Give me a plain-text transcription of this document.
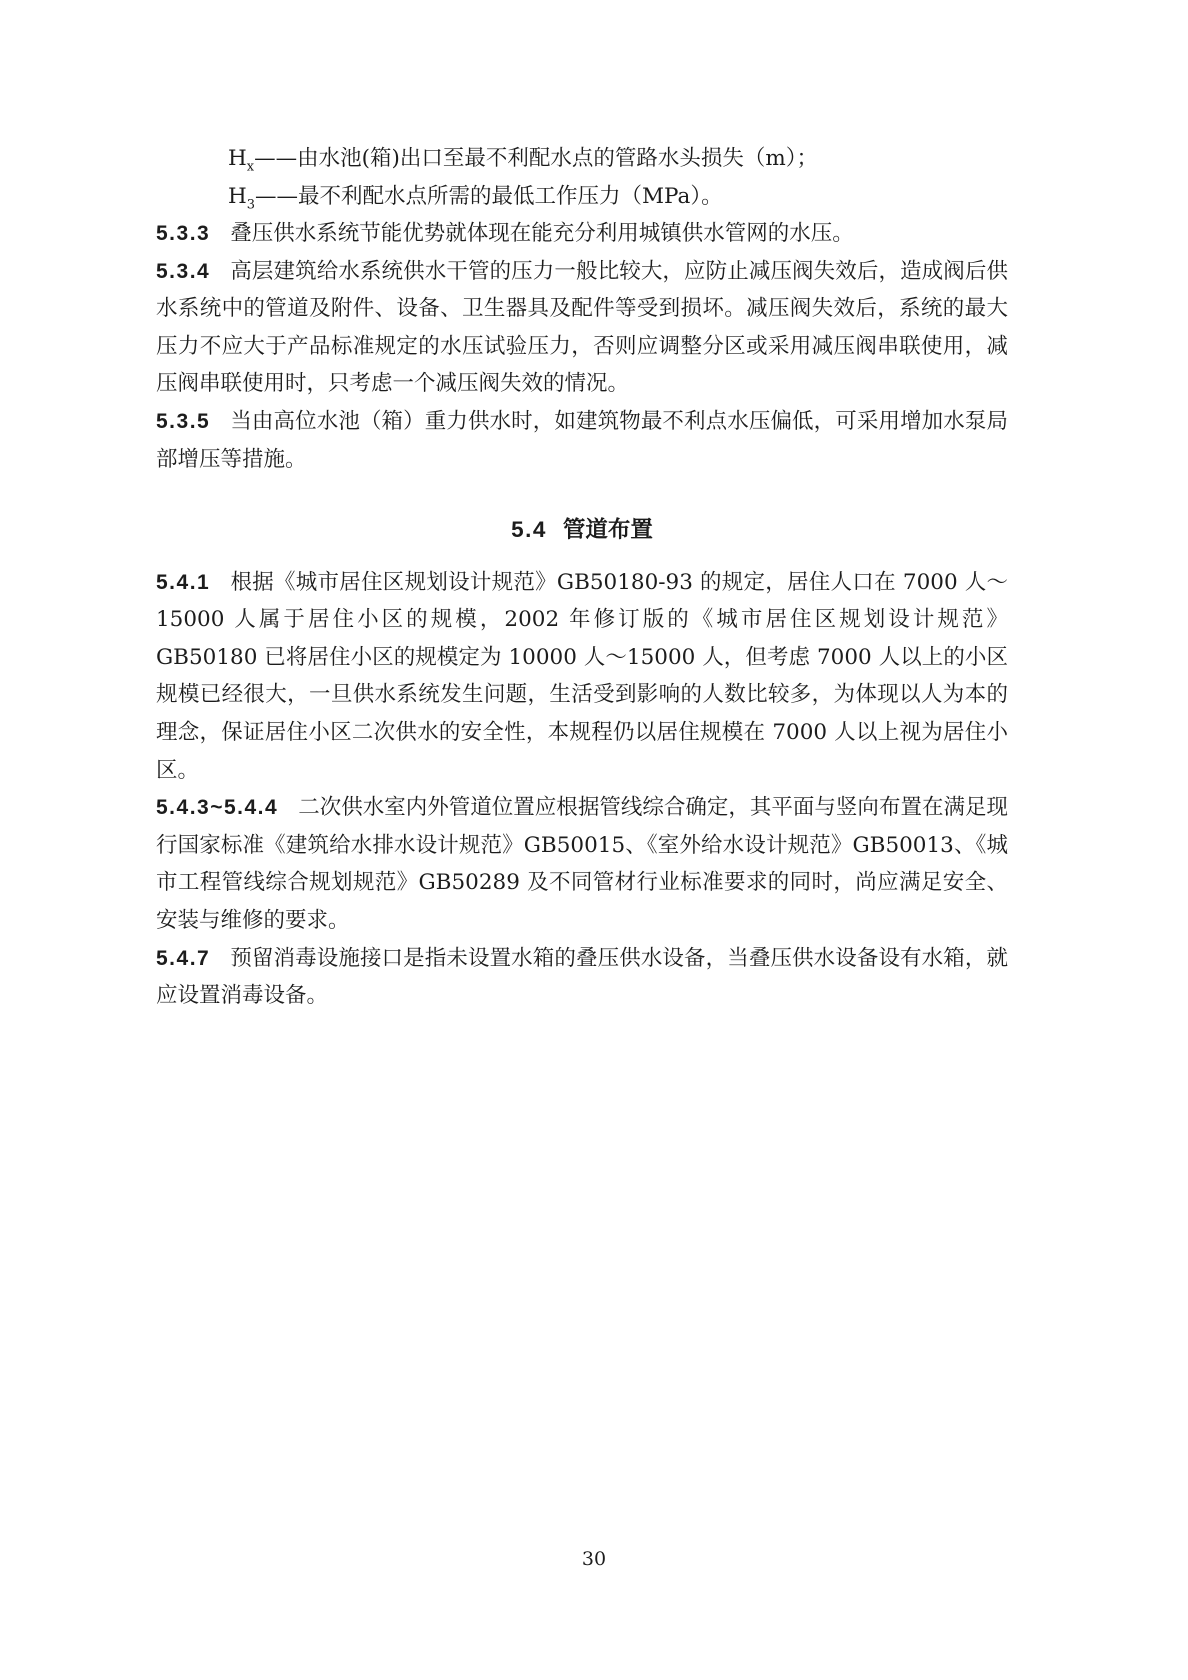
$H_x——$由水池(箱)出口至最不利配水点的管路水头损失（m）；
$H_3——$最不利配水点所需的最低工作压力（MPa）。

5.3.3 叠压供水系统节能优势就体现在能充分利用城镇供水管网的水压。

5.3.4 高层建筑给水系统供水干管的压力一般比较大，应防止减压阀失效后，造成阀后供水系统中的管道及附件、设备、卫生器具及配件等受到损坏。减压阀失效后，系统的最大压力不应大于产品标准规定的水压试验压力，否则应调整分区或采用减压阀串联使用，减压阀串联使用时，只考虑一个减压阀失效的情况。

5.3.5 当由高位水池（箱）重力供水时，如建筑物最不利点水压偏低，可采用增加水泵局部增压等措施。

5.4 管道布置

5.4.1 根据《城市居住区规划设计规范》GB50180-93 的规定，居住人口在 7000 人～15000 人属于居住小区的规模，2002 年修订版的《城市居住区规划设计规范》GB50180 已将居住小区的规模定为 10000 人～15000 人，但考虑 7000 人以上的小区规模已经很大，一旦供水系统发生问题，生活受到影响的人数比较多，为体现以人为本的理念，保证居住小区二次供水的安全性，本规程仍以居住规模在 7000 人以上视为居住小区。

5.4.3~5.4.4 二次供水室内外管道位置应根据管线综合确定，其平面与竖向布置在满足现行国家标准《建筑给水排水设计规范》GB50015、《室外给水设计规范》GB50013、《城市工程管线综合规划规范》GB50289 及不同管材行业标准要求的同时，尚应满足安全、安装与维修的要求。

5.4.7 预留消毒设施接口是指未设置水箱的叠压供水设备，当叠压供水设备设有水箱，就应设置消毒设备。

30
